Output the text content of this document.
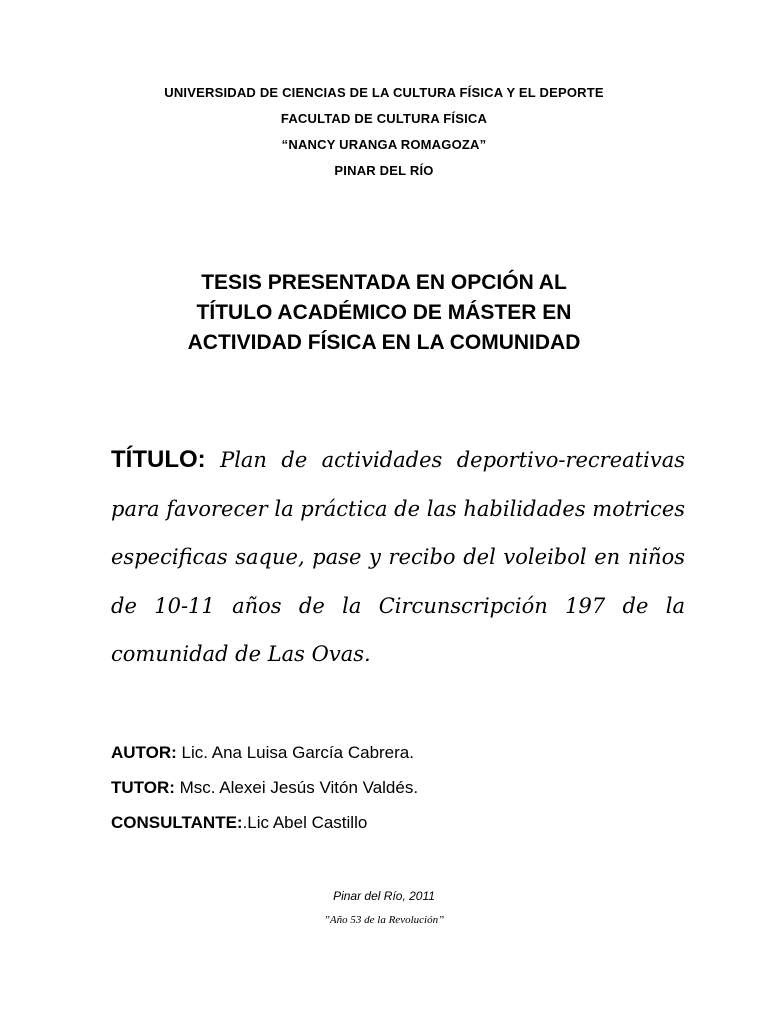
UNIVERSIDAD DE CIENCIAS DE LA CULTURA FÍSICA Y EL DEPORTE
FACULTAD DE CULTURA FÍSICA
“NANCY URANGA ROMAGOZA”
PINAR DEL RÍO
TESIS PRESENTADA EN OPCIÓN AL
TÍTULO ACADÉMICO DE MÁSTER EN
ACTIVIDAD FÍSICA EN LA COMUNIDAD
TÍTULO: Plan de actividades deportivo-recreativas
para favorecer la práctica de las habilidades motrices
especificas saque, pase y recibo del voleibol en niños
de 10-11 años de la Circunscripción 197 de la
comunidad de Las Ovas.
AUTOR: Lic. Ana Luisa García Cabrera.
TUTOR: Msc. Alexei Jesús Vitón Valdés.
CONSULTANTE:.Lic Abel Castillo
Pinar del Río, 2011
”Año 53 de la Revolución”
